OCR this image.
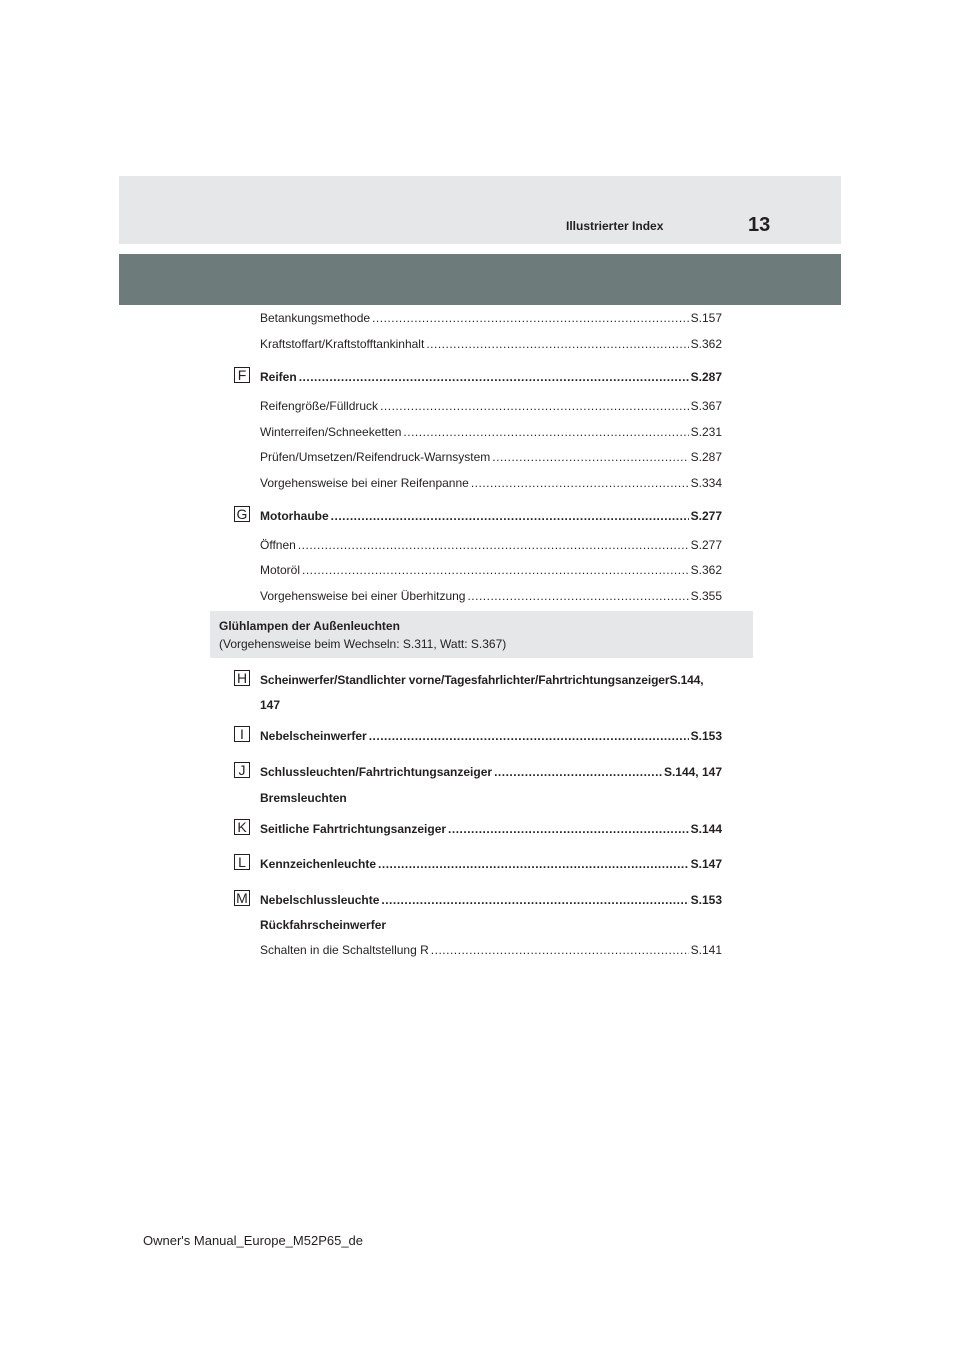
Illustrierter Index	13
Betankungsmethode .....	S.157
Kraftstoffart/Kraftstofftankinhalt .....	S.362
F	Reifen .....	S.287
Reifengröße/Fülldruck .....	S.367
Winterreifen/Schneeketten .....	S.231
Prüfen/Umsetzen/Reifendruck-Warnsystem .....	S.287
Vorgehensweise bei einer Reifenpanne .....	S.334
G Motorhaube .....	S.277
Öffnen .....	S.277
Motoröl .....	S.362
Vorgehensweise bei einer Überhitzung .....	S.355
Glühlampen der Außenleuchten
(Vorgehensweise beim Wechseln: S.311, Watt: S.367)
H Scheinwerfer/Standlichter vorne/Tagesfahrlichter/FahrtrichtungsanzeigerS.144,
147
I	Nebelscheinwerfer .....	S.153
J	Schlussleuchten/Fahrtrichtungsanzeiger .....	S.144, 147
Bremsleuchten
K Seitliche Fahrtrichtungsanzeiger .....	S.144
L	Kennzeichenleuchte .....	S.147
M Nebelschlussleuchte .....	S.153
Rückfahrscheinwerfer
Schalten in die Schaltstellung R .....	S.141
Owner's Manual_Europe_M52P65_de
